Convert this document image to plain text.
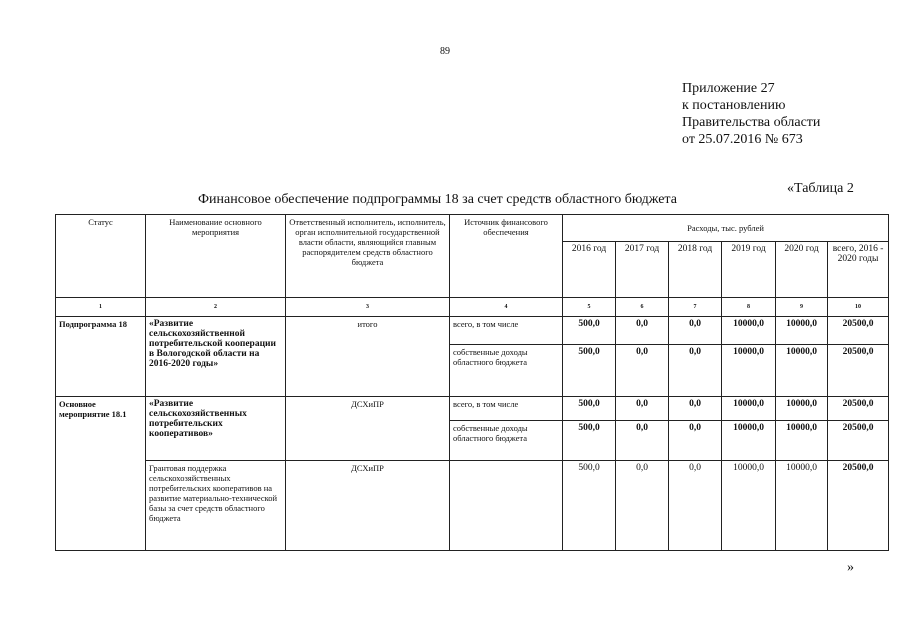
89
Приложение 27
к постановлению
Правительства области
от 25.07.2016 № 673
«Таблица 2
Финансовое обеспечение подпрограммы 18 за счет средств областного бюджета
Статус	Наименование основного мероприятия	Ответственный исполнитель, исполнитель, орган исполнительной государственной власти области, являющийся главным распорядителем средств областного бюджета	Источник финансового обеспечения	Расходы, тыс. рублей					
				2016 год	2017 год	2018 год	2019 год	2020 год	всего, 2016 - 2020 годы
1	2	3	4	5	6	7	8	9	10
Подпрограмма 18	«Развитие сельскохозяйственной потребительской кооперации в Вологодской области на 2016-2020 годы»	итого	всего, в том числе	500,0	0,0	0,0	10000,0	10000,0	20500,0
			собственные доходы областного бюджета	500,0	0,0	0,0	10000,0	10000,0	20500,0
Основное мероприятие 18.1	«Развитие сельскохозяйственных потребительских кооперативов»	ДСХиПР	всего, в том числе	500,0	0,0	0,0	10000,0	10000,0	20500,0
			собственные доходы областного бюджета	500,0	0,0	0,0	10000,0	10000,0	20500,0
	Грантовая поддержка сельскохозяйственных потребительских кооперативов на развитие материально-технической базы за счет средств областного бюджета	ДСХиПР		500,0	0,0	0,0	10000,0	10000,0	20500,0
»
